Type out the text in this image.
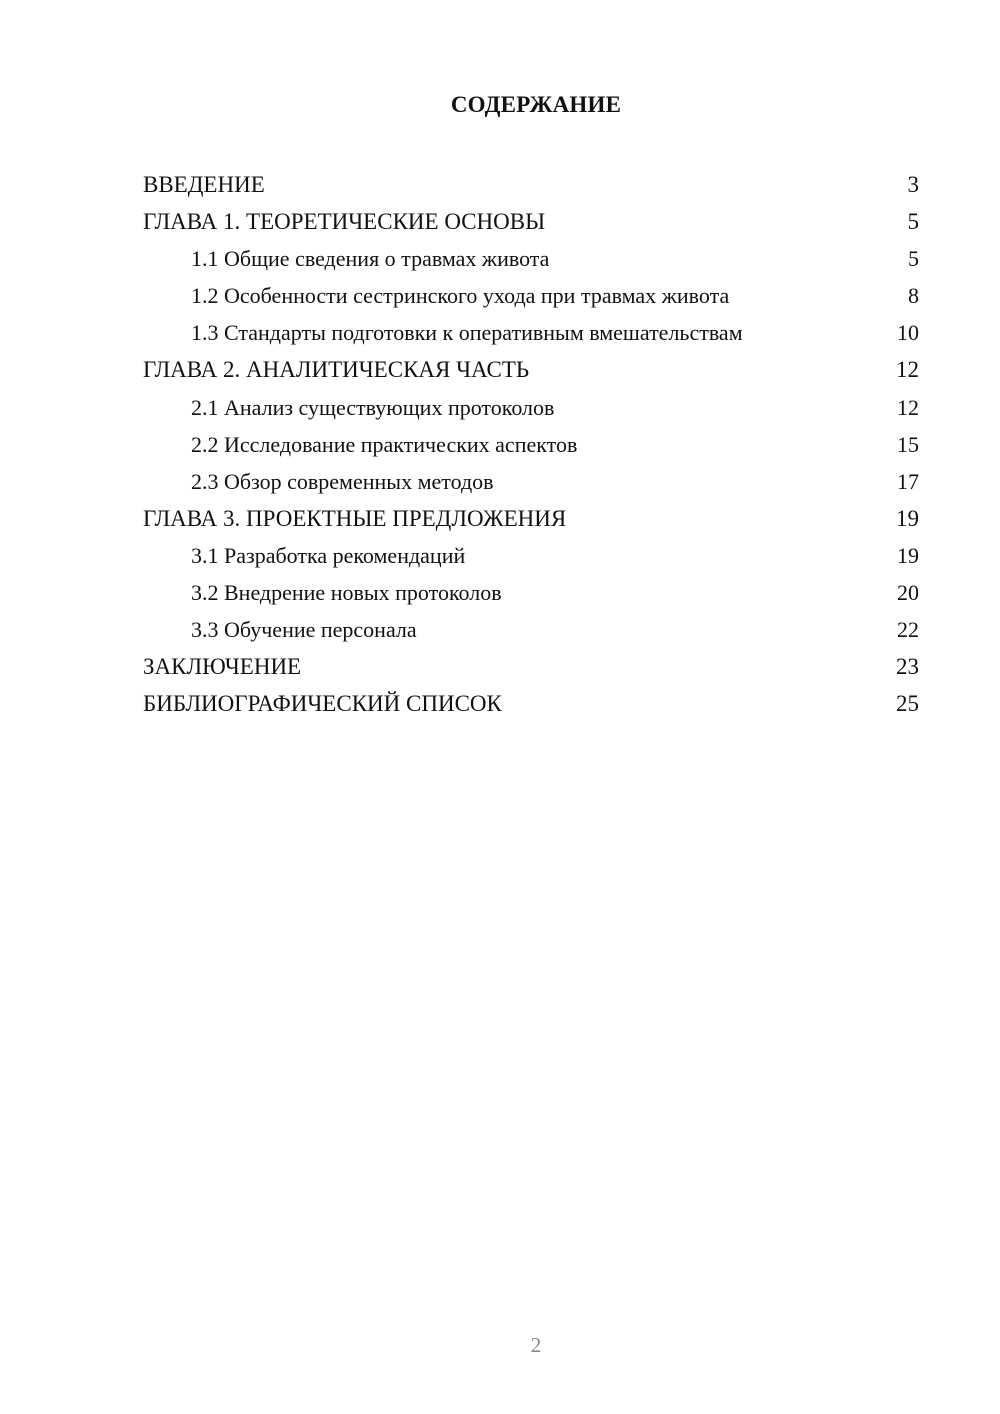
СОДЕРЖАНИЕ
ВВЕДЕНИЕ	3
ГЛАВА 1. ТЕОРЕТИЧЕСКИЕ ОСНОВЫ	5
1.1 Общие сведения о травмах живота	5
1.2 Особенности сестринского ухода при травмах живота	8
1.3 Стандарты подготовки к оперативным вмешательствам	10
ГЛАВА 2. АНАЛИТИЧЕСКАЯ ЧАСТЬ	12
2.1 Анализ существующих протоколов	12
2.2 Исследование практических аспектов	15
2.3 Обзор современных методов	17
ГЛАВА 3. ПРОЕКТНЫЕ ПРЕДЛОЖЕНИЯ	19
3.1 Разработка рекомендаций	19
3.2 Внедрение новых протоколов	20
3.3 Обучение персонала	22
ЗАКЛЮЧЕНИЕ	23
БИБЛИОГРАФИЧЕСКИЙ СПИСОК	25
2
